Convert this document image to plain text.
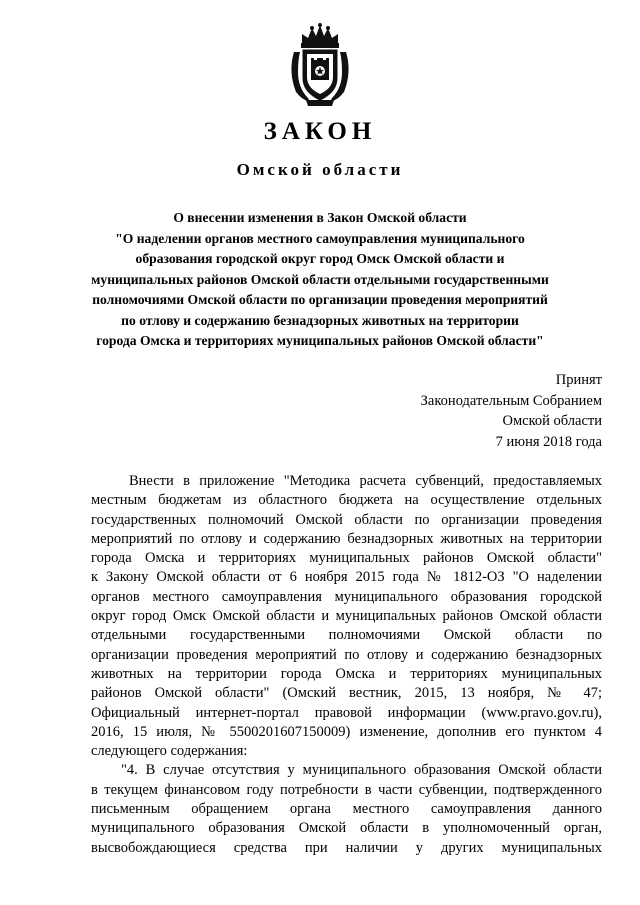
ЗАКОН
Омской области
О внесении изменения в Закон Омской области
"О наделении органов местного самоуправления муниципального
образования городской округ город Омск Омской области и
муниципальных районов Омской области отдельными государственными
полномочиями Омской области по организации проведения мероприятий
по отлову и содержанию безнадзорных животных на территории
города Омска и территориях муниципальных районов Омской области"
Принят
Законодательным Собранием
Омской области
7 июня 2018 года
Внести в приложение "Методика расчета субвенций, предоставляемых
местным бюджетам из областного бюджета на осуществление отдельных
государственных полномочий Омской области по организации проведения
мероприятий по отлову и содержанию безнадзорных животных на территории
города Омска и территориях муниципальных районов Омской области"
к Закону Омской области от 6 ноября 2015 года № 1812-ОЗ "О наделении
органов местного самоуправления муниципального образования городской
округ город Омск Омской области и муниципальных районов Омской области
отдельными государственными полномочиями Омской области по
организации проведения мероприятий по отлову и содержанию безнадзорных
животных на территории города Омска и территориях муниципальных
районов Омской области" (Омский вестник, 2015, 13 ноября, № 47;
Официальный интернет-портал правовой информации (www.pravo.gov.ru),
2016, 15 июля, № 5500201607150009) изменение, дополнив его пунктом 4
следующего содержания:
"4. В случае отсутствия у муниципального образования Омской области
в текущем финансовом году потребности в части субвенции, подтвержденного
письменным обращением органа местного самоуправления данного
муниципального образования Омской области в уполномоченный орган,
высвобождающиеся средства при наличии у других муниципальных
